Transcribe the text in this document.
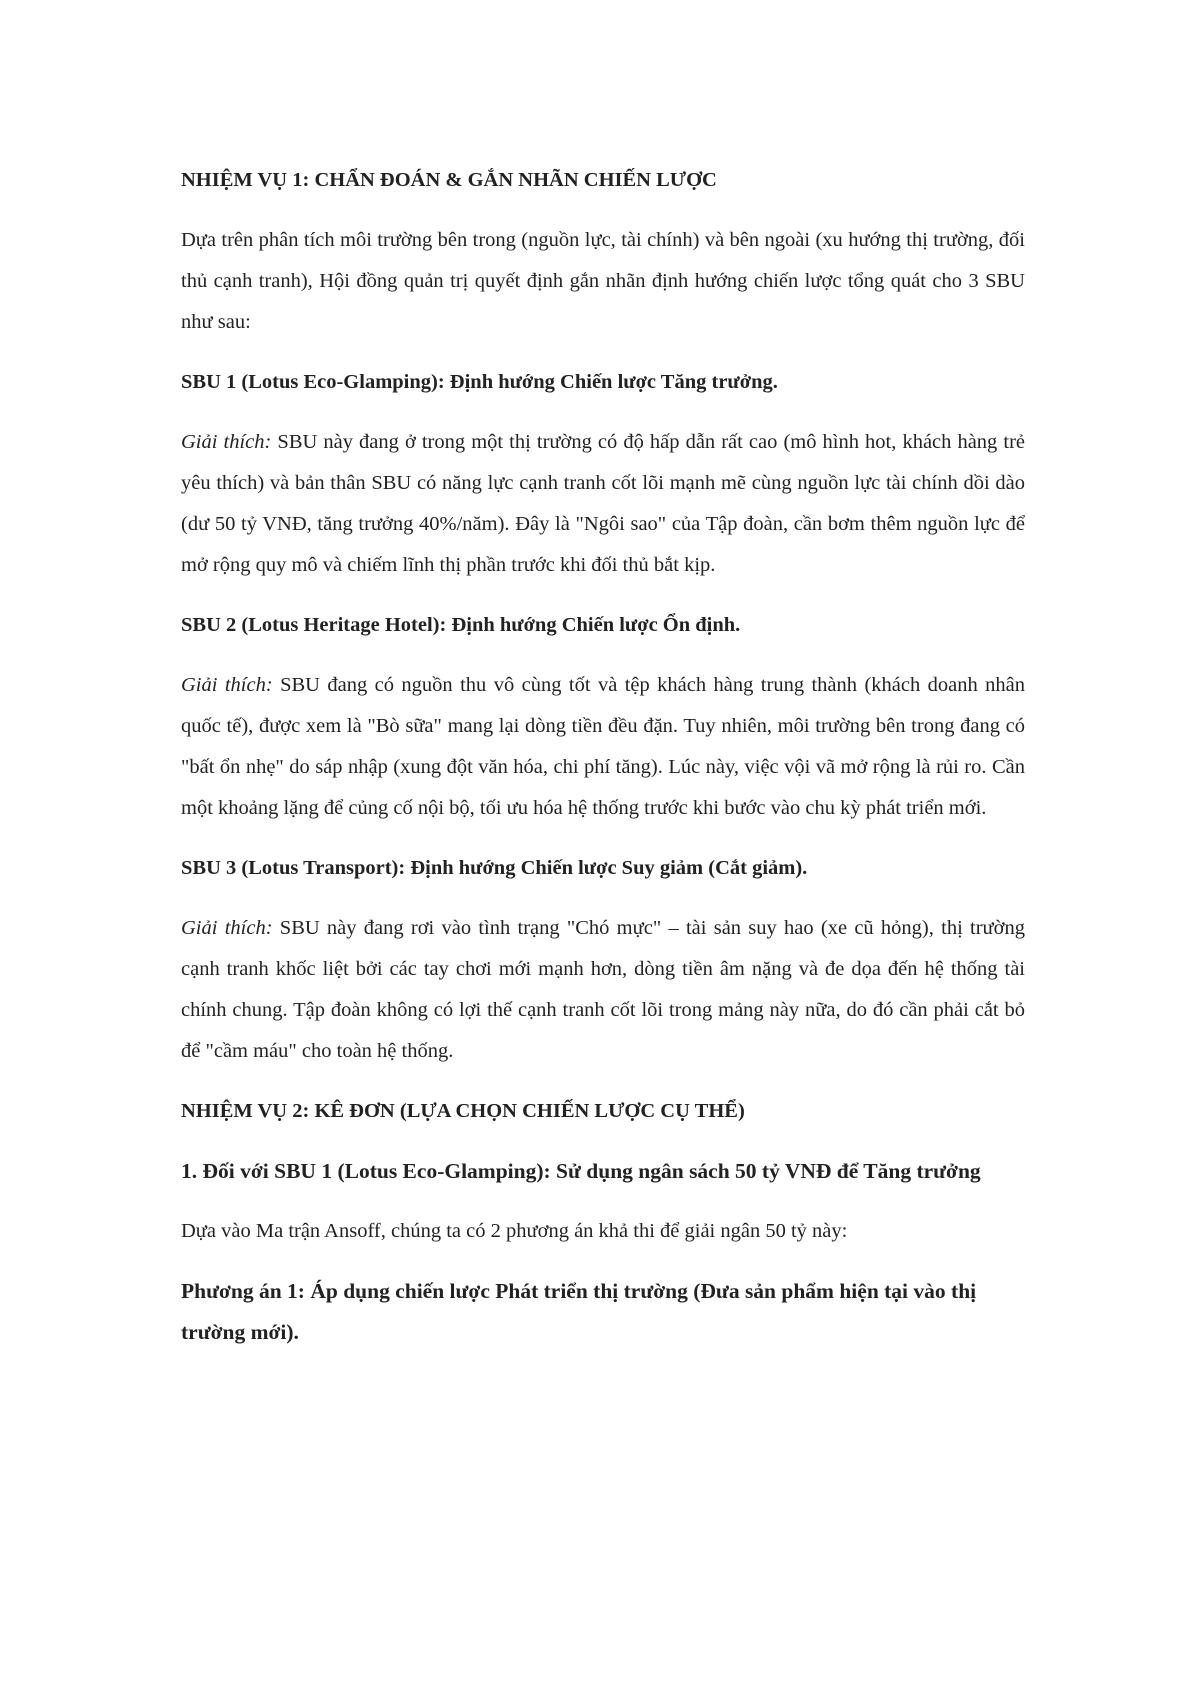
NHIỆM VỤ 1: CHẨN ĐOÁN & GẮN NHÃN CHIẾN LƯỢC

Dựa trên phân tích môi trường bên trong (nguồn lực, tài chính) và bên ngoài (xu hướng thị trường, đối thủ cạnh tranh), Hội đồng quản trị quyết định gắn nhãn định hướng chiến lược tổng quát cho 3 SBU như sau:

SBU 1 (Lotus Eco-Glamping): Định hướng Chiến lược Tăng trưởng.

Giải thích: SBU này đang ở trong một thị trường có độ hấp dẫn rất cao (mô hình hot, khách hàng trẻ yêu thích) và bản thân SBU có năng lực cạnh tranh cốt lõi mạnh mẽ cùng nguồn lực tài chính dồi dào (dư 50 tỷ VNĐ, tăng trưởng 40%/năm). Đây là "Ngôi sao" của Tập đoàn, cần bơm thêm nguồn lực để mở rộng quy mô và chiếm lĩnh thị phần trước khi đối thủ bắt kịp.

SBU 2 (Lotus Heritage Hotel): Định hướng Chiến lược Ổn định.

Giải thích: SBU đang có nguồn thu vô cùng tốt và tệp khách hàng trung thành (khách doanh nhân quốc tế), được xem là "Bò sữa" mang lại dòng tiền đều đặn. Tuy nhiên, môi trường bên trong đang có "bất ổn nhẹ" do sáp nhập (xung đột văn hóa, chi phí tăng). Lúc này, việc vội vã mở rộng là rủi ro. Cần một khoảng lặng để củng cố nội bộ, tối ưu hóa hệ thống trước khi bước vào chu kỳ phát triển mới.

SBU 3 (Lotus Transport): Định hướng Chiến lược Suy giảm (Cắt giảm).

Giải thích: SBU này đang rơi vào tình trạng "Chó mực" – tài sản suy hao (xe cũ hỏng), thị trường cạnh tranh khốc liệt bởi các tay chơi mới mạnh hơn, dòng tiền âm nặng và đe dọa đến hệ thống tài chính chung. Tập đoàn không có lợi thế cạnh tranh cốt lõi trong mảng này nữa, do đó cần phải cắt bỏ để "cầm máu" cho toàn hệ thống.

NHIỆM VỤ 2: KÊ ĐƠN (LỰA CHỌN CHIẾN LƯỢC CỤ THỂ)

1. Đối với SBU 1 (Lotus Eco-Glamping): Sử dụng ngân sách 50 tỷ VNĐ để Tăng trưởng

Dựa vào Ma trận Ansoff, chúng ta có 2 phương án khả thi để giải ngân 50 tỷ này:

Phương án 1: Áp dụng chiến lược Phát triển thị trường (Đưa sản phẩm hiện tại vào thị trường mới).
